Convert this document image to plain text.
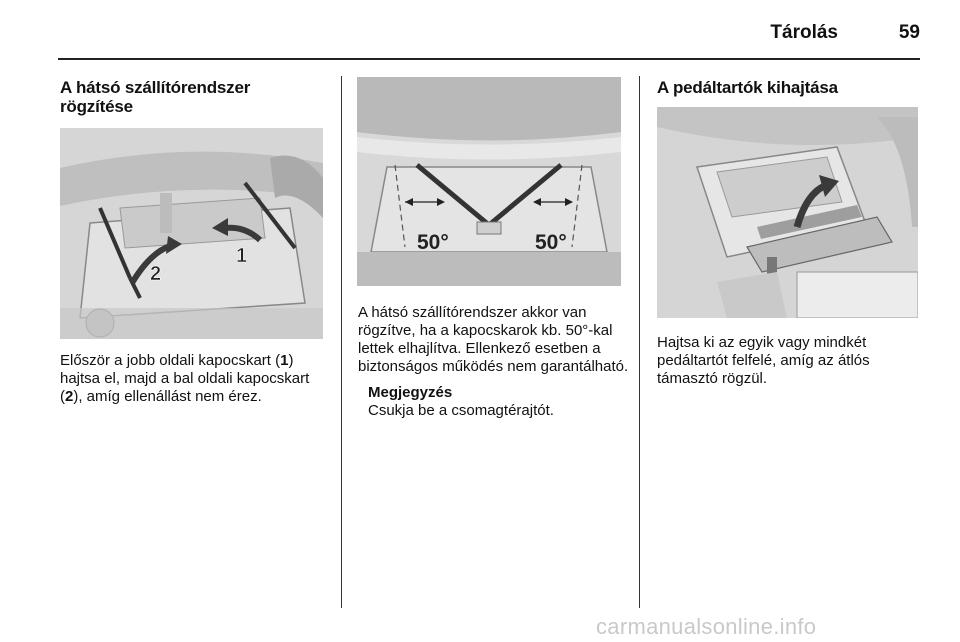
Tárolás	59
A hátsó szállítórendszer rögzítése
2
1

Először a jobb oldali kapocskart (1) hajtsa el, majd a bal oldali kapocskart (2), amíg ellenállást nem érez.

50°	50°

A hátsó szállítórendszer akkor van rögzítve, ha a kapocskarok kb. 50°-kal lettek elhajlítva. Ellenkező esetben a biztonságos működés nem garantálható.

Megjegyzés
Csukja be a csomagtérajtót.
A pedáltartók kihajtása

Hajtsa ki az egyik vagy mindkét pedáltartót felfelé, amíg az átlós támasztó rögzül.

carmanualsonline.info
